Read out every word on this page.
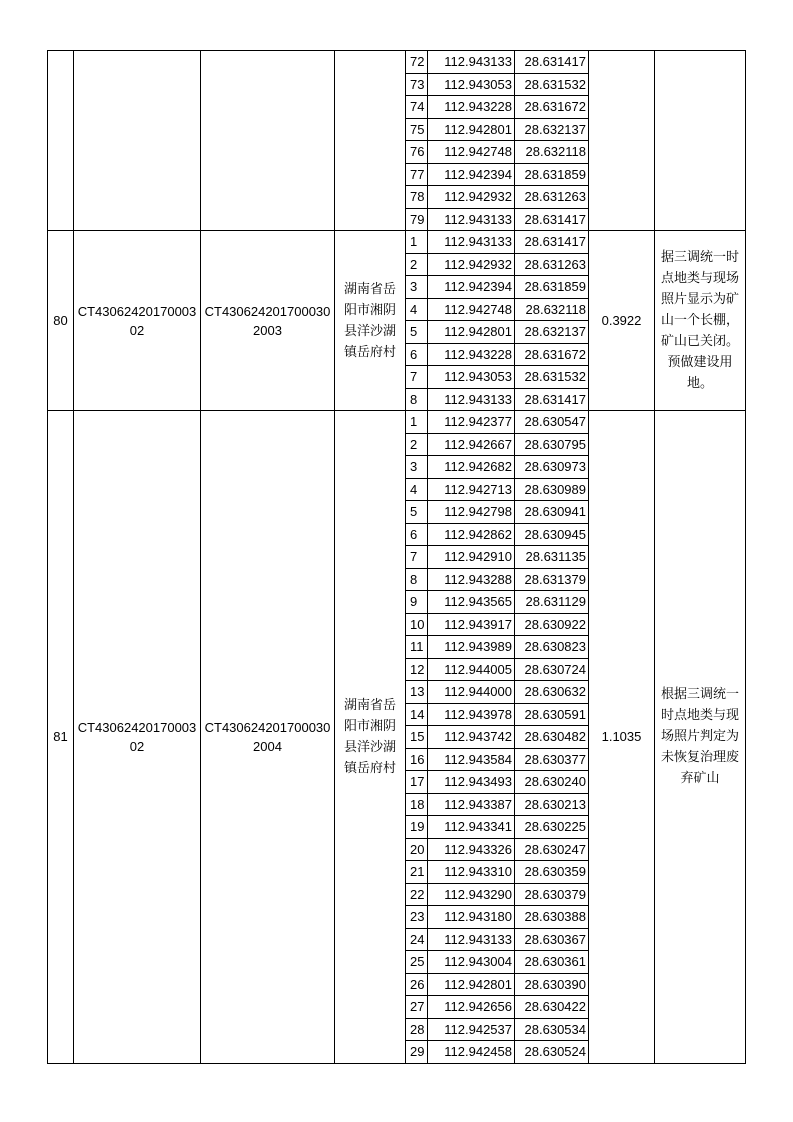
				72	112.943133	28.631417		
				73	112.943053	28.631532		
				74	112.943228	28.631672		
				75	112.942801	28.632137		
				76	112.942748	28.632118		
				77	112.942394	28.631859		
				78	112.942932	28.631263		
				79	112.943133	28.631417		
80	CT43062420170003 02	CT430624201700030 2003	湖南省岳阳市湘阴县洋沙湖镇岳府村	1	112.943133	28.631417	0.3922	据三调统一时点地类与现场照片显示为矿山一个长棚，矿山已关闭。预做建设用地。
				2	112.942932	28.631263		
				3	112.942394	28.631859		
				4	112.942748	28.632118		
				5	112.942801	28.632137		
				6	112.943228	28.631672		
				7	112.943053	28.631532		
				8	112.943133	28.631417		
81	CT43062420170003 02	CT430624201700030 2004	湖南省岳阳市湘阴县洋沙湖镇岳府村	1	112.942377	28.630547	1.1035	根据三调统一时点地类与现场照片判定为未恢复治理废弃矿山
				2	112.942667	28.630795		
				3	112.942682	28.630973		
				4	112.942713	28.630989		
				5	112.942798	28.630941		
				6	112.942862	28.630945		
				7	112.942910	28.631135		
				8	112.943288	28.631379		
				9	112.943565	28.631129		
				10	112.943917	28.630922		
				11	112.943989	28.630823		
				12	112.944005	28.630724		
				13	112.944000	28.630632		
				14	112.943978	28.630591		
				15	112.943742	28.630482		
				16	112.943584	28.630377		
				17	112.943493	28.630240		
				18	112.943387	28.630213		
				19	112.943341	28.630225		
				20	112.943326	28.630247		
				21	112.943310	28.630359		
				22	112.943290	28.630379		
				23	112.943180	28.630388		
				24	112.943133	28.630367		
				25	112.943004	28.630361		
				26	112.942801	28.630390		
				27	112.942656	28.630422		
				28	112.942537	28.630534		
				29	112.942458	28.630524		
